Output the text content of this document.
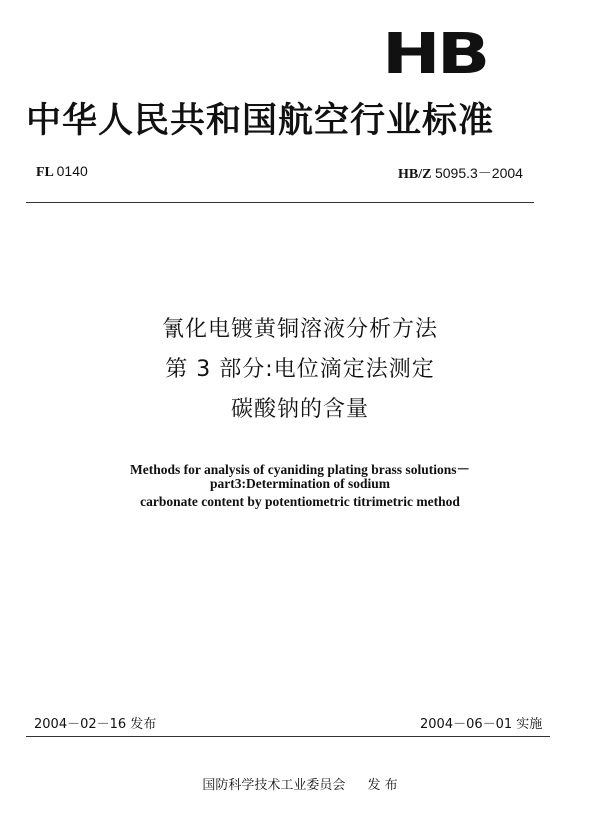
HB
中华人民共和国航空行业标准
FL 0140	HB/Z 5095.3－2004
氰化电镀黄铜溶液分析方法
第 3 部分:电位滴定法测定
碳酸钠的含量
Methods for analysis of cyaniding plating brass solutions－
part3:Determination of sodium
carbonate content by potentiometric titrimetric method
2004－02－16 发布	2004－06－01 实施
国防科学技术工业委员会 发 布
